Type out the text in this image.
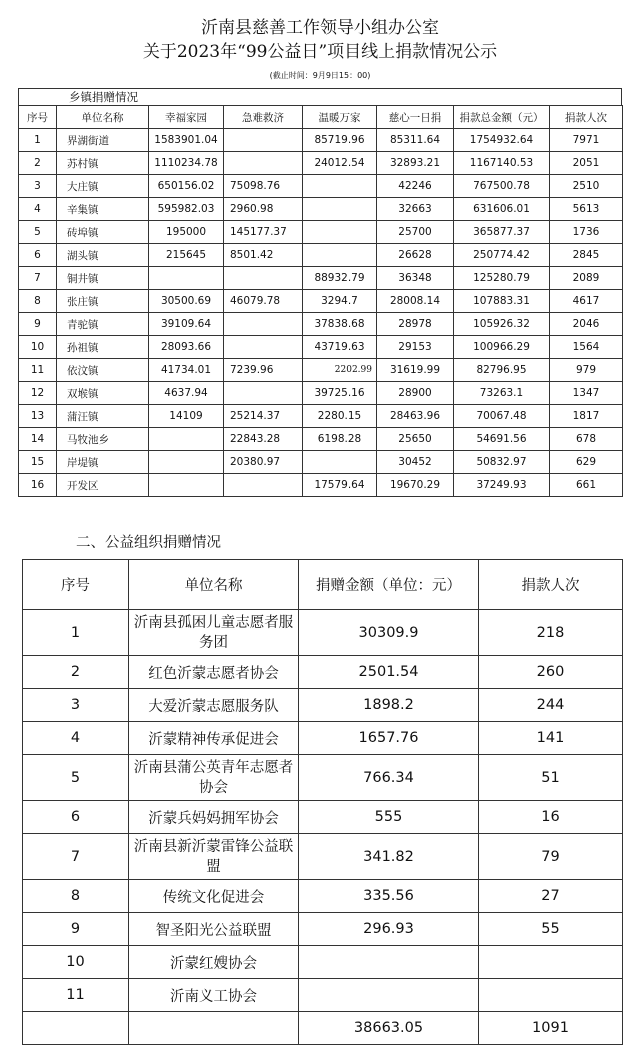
沂南县慈善工作领导小组办公室
关于2023年“99公益日”项目线上捐款情况公示
(截止时间：9月9日15：00)
乡镇捐赠情况
序号	单位名称	幸福家园	急难救济	温暖万家	慈心一日捐	捐款总金额（元）	捐款人次
1	界湖街道	1583901.04		85719.96	85311.64	1754932.64	7971
2	苏村镇	1110234.78		24012.54	32893.21	1167140.53	2051
3	大庄镇	650156.02	75098.76		42246	767500.78	2510
4	辛集镇	595982.03	2960.98		32663	631606.01	5613
5	砖埠镇	195000	145177.37		25700	365877.37	1736
6	湖头镇	215645	8501.42		26628	250774.42	2845
7	铜井镇			88932.79	36348	125280.79	2089
8	张庄镇	30500.69	46079.78	3294.7	28008.14	107883.31	4617
9	青驼镇	39109.64		37838.68	28978	105926.32	2046
10	孙祖镇	28093.66		43719.63	29153	100966.29	1564
11	依汶镇	41734.01	7239.96	2202.99	31619.99	82796.95	979
12	双堠镇	4637.94		39725.16	28900	73263.1	1347
13	蒲汪镇	14109	25214.37	2280.15	28463.96	70067.48	1817
14	马牧池乡		22843.28	6198.28	25650	54691.56	678
15	岸堤镇		20380.97		30452	50832.97	629
16	开发区			17579.64	19670.29	37249.93	661
二、公益组织捐赠情况
序号	单位名称	捐赠金额（单位：元）	捐款人次
1	沂南县孤困儿童志愿者服务团	30309.9	218
2	红色沂蒙志愿者协会	2501.54	260
3	大爱沂蒙志愿服务队	1898.2	244
4	沂蒙精神传承促进会	1657.76	141
5	沂南县蒲公英青年志愿者协会	766.34	51
6	沂蒙兵妈妈拥军协会	555	16
7	沂南县新沂蒙雷锋公益联盟	341.82	79
8	传统文化促进会	335.56	27
9	智圣阳光公益联盟	296.93	55
10	沂蒙红嫂协会		
11	沂南义工协会		
		38663.05	1091
